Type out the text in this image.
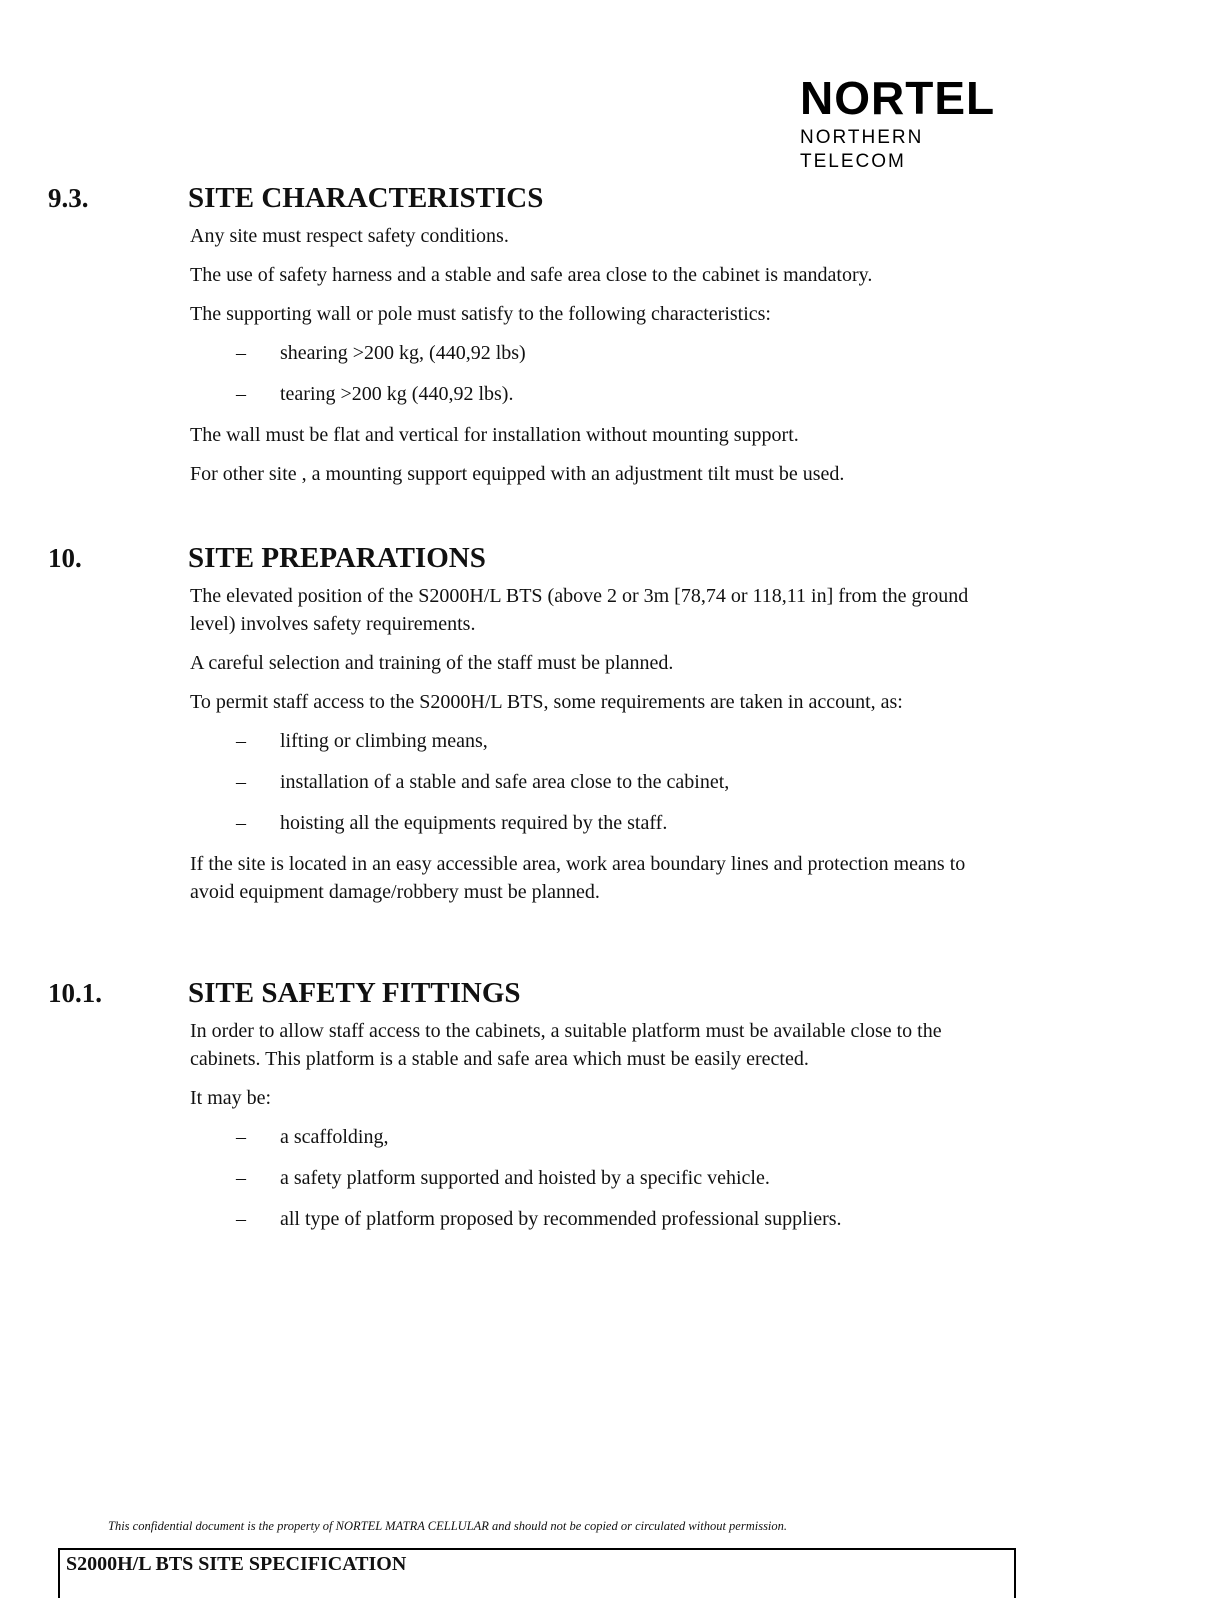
NORTEL
NORTHERN TELECOM
9.3.	SITE CHARACTERISTICS

Any site must respect safety conditions.

The use of safety harness and a stable and safe area close to the cabinet is mandatory.

The supporting wall or pole must satisfy to the following characteristics:

–	shearing >200 kg, (440,92 lbs)
–	tearing >200 kg (440,92 lbs).

The wall must be flat and vertical for installation without mounting support.

For other site , a mounting support equipped with an adjustment tilt must be used.

10.	SITE PREPARATIONS

The elevated position of the S2000H/L BTS (above 2 or 3m [78,74 or 118,11 in] from the ground level) involves safety requirements.

A careful selection and training of the staff must be planned.

To permit staff access to the S2000H/L BTS, some requirements are taken in account, as:

–	lifting or climbing means,
–	installation of a stable and safe area close to the cabinet,
–	hoisting all the equipments required by the staff.

If the site is located in an easy accessible area, work area boundary lines and protection means to avoid equipment damage/robbery must be planned.

10.1.	SITE SAFETY FITTINGS

In order to allow staff access to the cabinets, a suitable platform must be available close to the cabinets. This platform is a stable and safe area which must be easily erected.

It may be:

–	a scaffolding,
–	a safety platform supported and hoisted by a specific vehicle.
–	all type of platform proposed by recommended professional suppliers.
This confidential document is the property of NORTEL MATRA CELLULAR and should not be copied or circulated without permission.
S2000H/L BTS SITE SPECIFICATION
